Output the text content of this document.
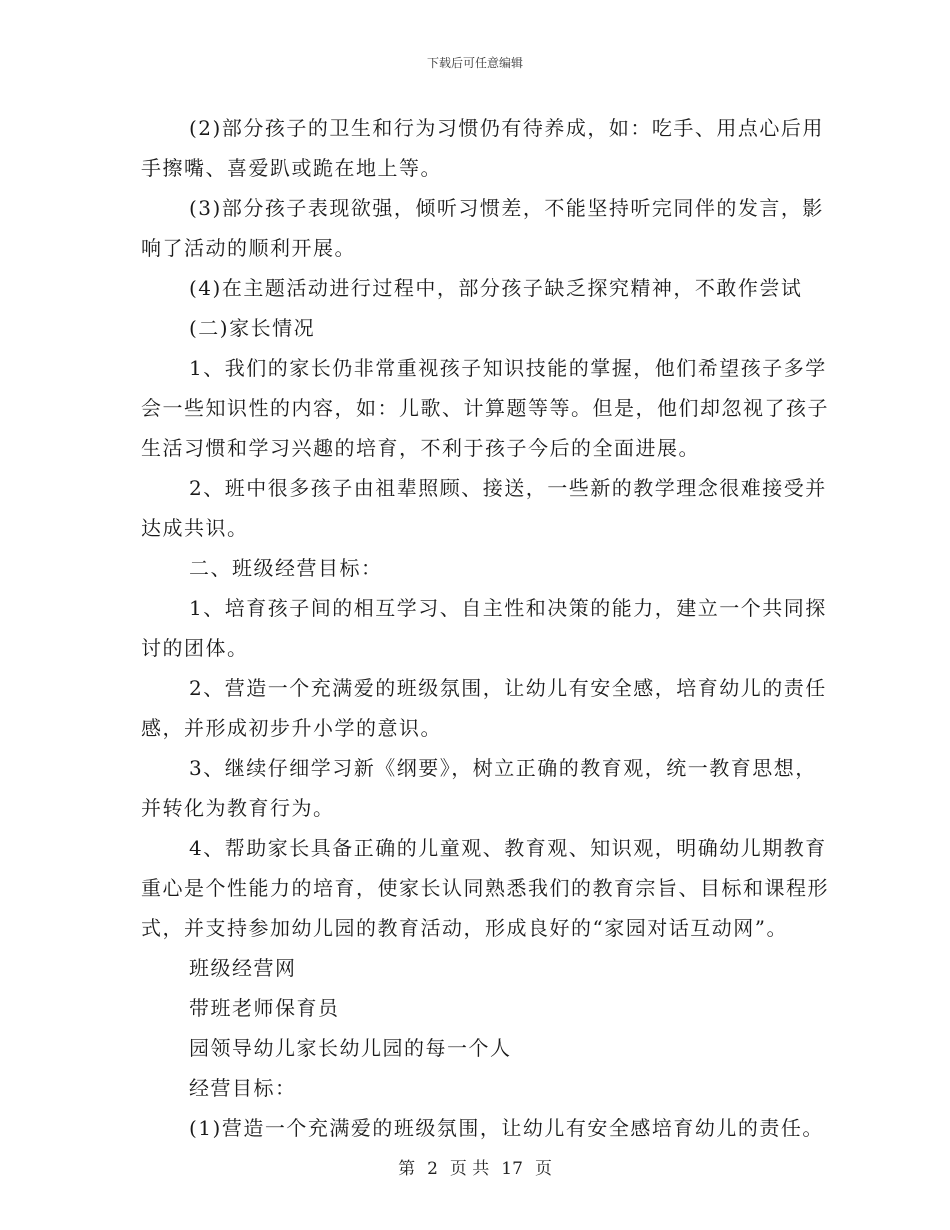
下载后可任意编辑

(2)部分孩子的卫生和行为习惯仍有待养成，如：吃手、用点心后用手擦嘴、喜爱趴或跪在地上等。

(3)部分孩子表现欲强，倾听习惯差，不能坚持听完同伴的发言，影响了活动的顺利开展。

(4)在主题活动进行过程中，部分孩子缺乏探究精神，不敢作尝试

(二)家长情况

1、我们的家长仍非常重视孩子知识技能的掌握，他们希望孩子多学会一些知识性的内容，如：儿歌、计算题等等。但是，他们却忽视了孩子生活习惯和学习兴趣的培育，不利于孩子今后的全面进展。

2、班中很多孩子由祖辈照顾、接送，一些新的教学理念很难接受并达成共识。

二、班级经营目标：

1、培育孩子间的相互学习、自主性和决策的能力，建立一个共同探讨的团体。

2、营造一个充满爱的班级氛围，让幼儿有安全感，培育幼儿的责任感，并形成初步升小学的意识。

3、继续仔细学习新《纲要》，树立正确的教育观，统一教育思想，并转化为教育行为。

4、帮助家长具备正确的儿童观、教育观、知识观，明确幼儿期教育重心是个性能力的培育，使家长认同熟悉我们的教育宗旨、目标和课程形式，并支持参加幼儿园的教育活动，形成良好的“家园对话互动网”。

班级经营网

带班老师保育员

园领导幼儿家长幼儿园的每一个人

经营目标：

(1)营造一个充满爱的班级氛围，让幼儿有安全感培育幼儿的责任。

第 2 页 共 17 页
